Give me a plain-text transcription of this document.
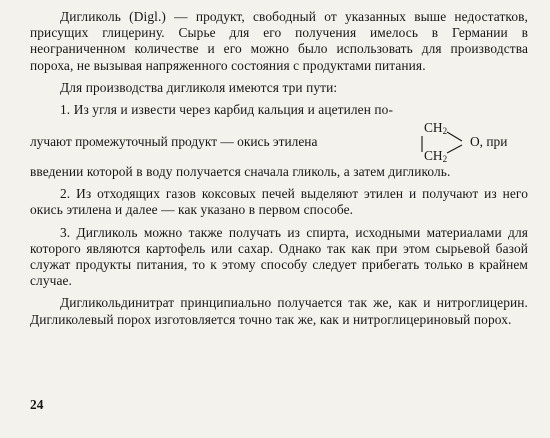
Дигликоль (Digl.) — продукт, свободный от указанных выше недостатков, присущих глицерину. Сырье для его получения имелось в Германии в неограниченном количестве и его можно было использовать для производства пороха, не вызывая напряженного состояния с продуктами питания.

Для производства дигликоля имеются три пути:

1. Из угля и извести через карбид кальция и ацетилен по-

лучают промежуточный продукт — окись этилена
$CH_2$
$CH_2$
O, при

введении которой в воду получается сначала гликоль, а затем дигликоль.

2. Из отходящих газов коксовых печей выделяют этилен и получают из него окись этилена и далее — как указано в первом способе.

3. Дигликоль можно также получать из спирта, исходными материалами для которого являются картофель или сахар. Однако так как при этом сырьевой базой служат продукты питания, то к этому способу следует прибегать только в крайнем случае.

Дигликольдинитрат принципиально получается так же, как и нитроглицерин. Дигликолевый порох изготовляется точно так же, как и нитроглицериновый порох.

24
